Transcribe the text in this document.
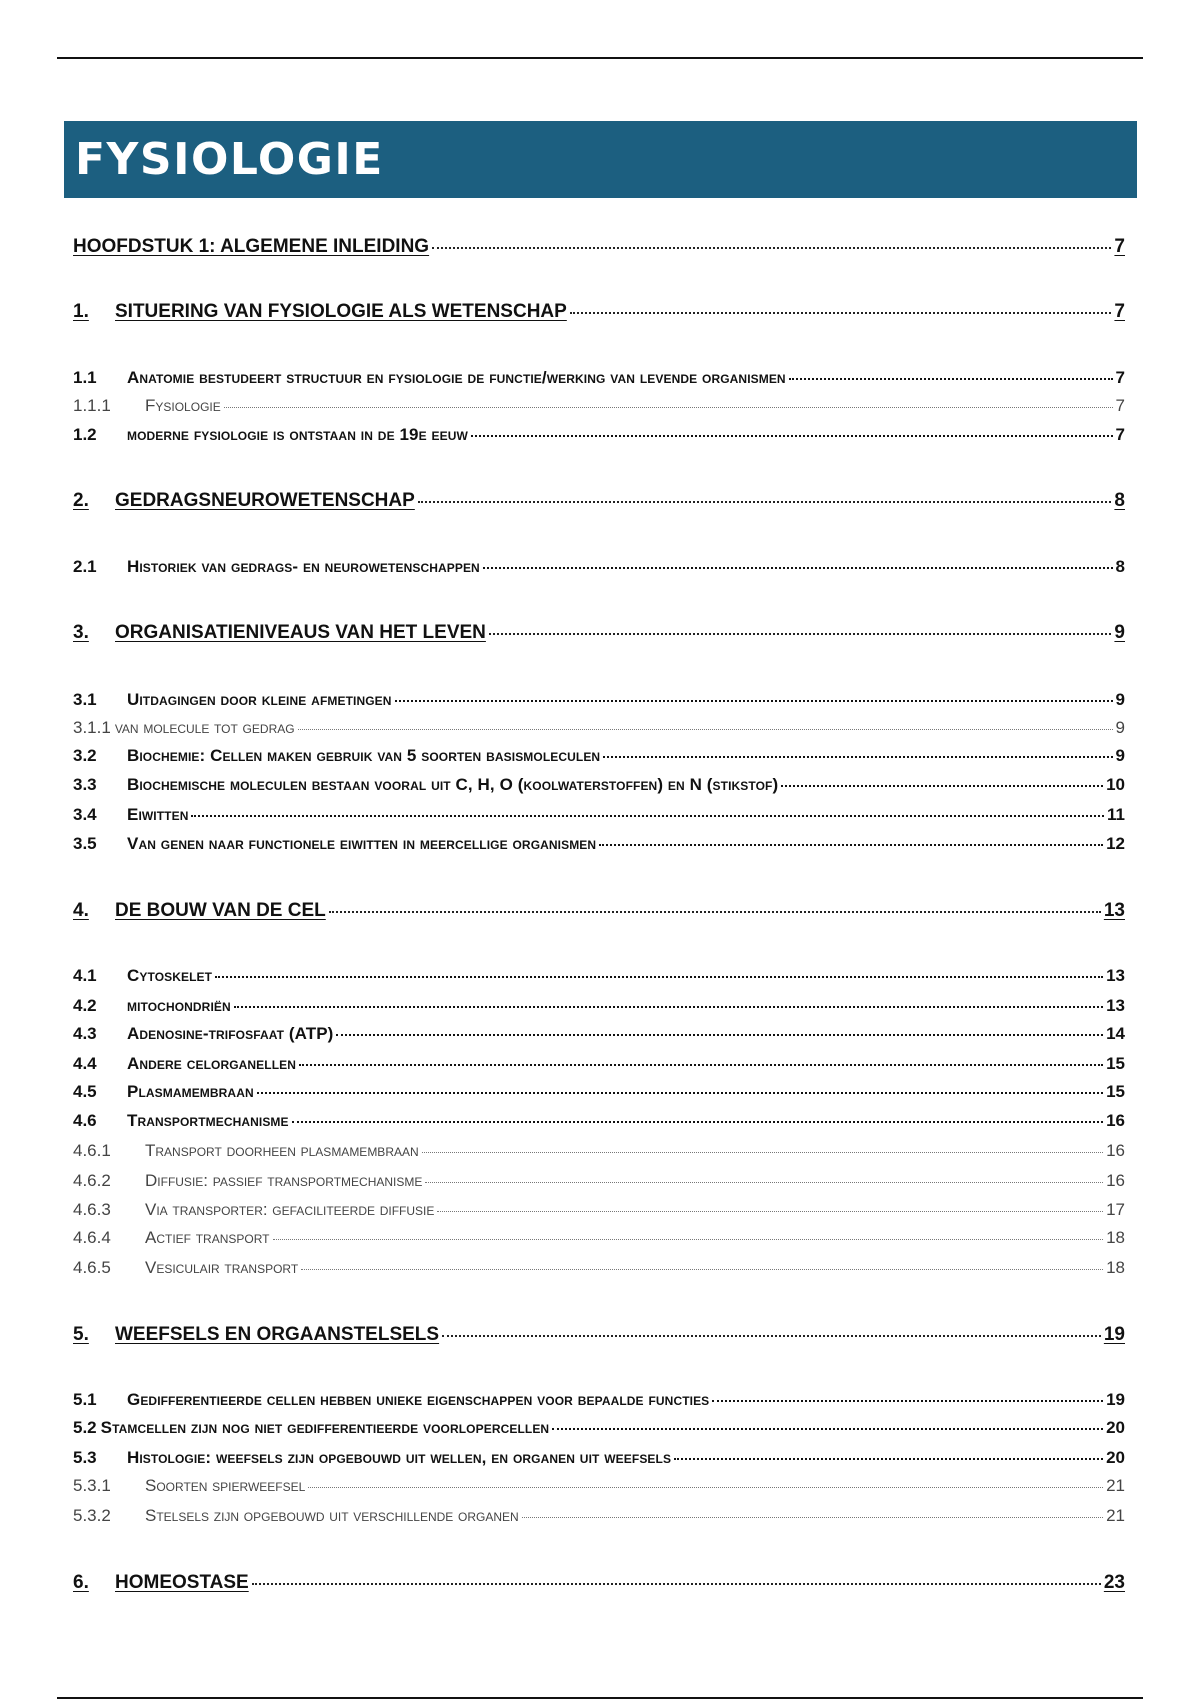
FYSIOLOGIE
HOOFDSTUK 1: ALGEMENE INLEIDING	7
1.	SITUERING VAN FYSIOLOGIE ALS WETENSCHAP	7
1.1	Anatomie bestudeert structuur en fysiologie de functie/werking van levende organismen	7
1.1.1	Fysiologie	7
1.2	moderne fysiologie is ontstaan in de 19e eeuw	7
2.	GEDRAGSNEUROWETENSCHAP	8
2.1	Historiek van gedrags- en neurowetenschappen	8
3.	ORGANISATIENIVEAUS VAN HET LEVEN	9
3.1	Uitdagingen door kleine afmetingen	9
3.1.1 van molecule tot gedrag	9
3.2	Biochemie: Cellen maken gebruik van 5 soorten basismoleculen	9
3.3	Biochemische moleculen bestaan vooral uit C, H, O (koolwaterstoffen) en N (stikstof)	10
3.4	Eiwitten	11
3.5	Van genen naar functionele eiwitten in meercellige organismen	12
4.	DE BOUW VAN DE CEL	13
4.1	Cytoskelet	13
4.2	mitochondriën	13
4.3	Adenosine-trifosfaat (ATP)	14
4.4	Andere celorganellen	15
4.5	Plasmamembraan	15
4.6	Transportmechanisme	16
4.6.1	Transport doorheen plasmamembraan	16
4.6.2	Diffusie: passief transportmechanisme	16
4.6.3	Via transporter: gefaciliteerde diffusie	17
4.6.4	Actief transport	18
4.6.5	Vesiculair transport	18
5.	WEEFSELS EN ORGAANSTELSELS	19
5.1	Gedifferentieerde cellen hebben unieke eigenschappen voor bepaalde functies	19
5.2 Stamcellen zijn nog niet gedifferentieerde voorlopercellen	20
5.3	Histologie: weefsels zijn opgebouwd uit wellen, en organen uit weefsels	20
5.3.1	Soorten spierweefsel	21
5.3.2	Stelsels zijn opgebouwd uit verschillende organen	21
6.	HOMEOSTASE	23
